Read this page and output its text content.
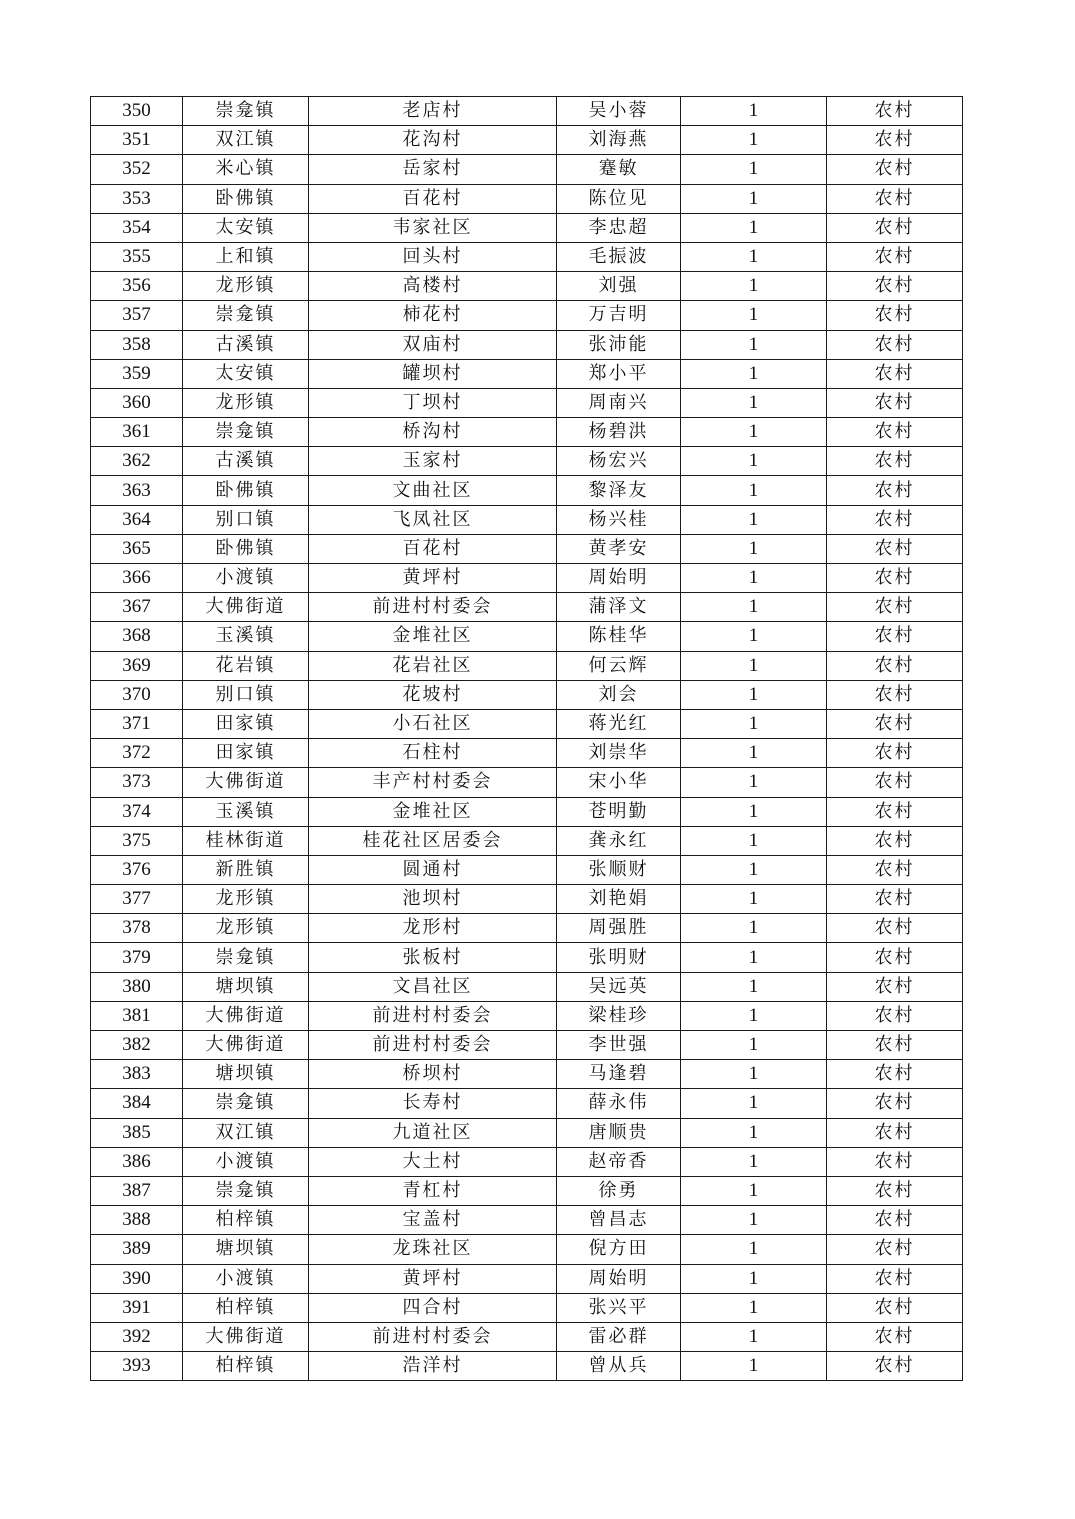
350	崇龛镇	老店村	吴小蓉	1	农村
351	双江镇	花沟村	刘海燕	1	农村
352	米心镇	岳家村	蹇敏	1	农村
353	卧佛镇	百花村	陈位见	1	农村
354	太安镇	韦家社区	李忠超	1	农村
355	上和镇	回头村	毛振波	1	农村
356	龙形镇	高楼村	刘强	1	农村
357	崇龛镇	柿花村	万吉明	1	农村
358	古溪镇	双庙村	张沛能	1	农村
359	太安镇	罐坝村	郑小平	1	农村
360	龙形镇	丁坝村	周南兴	1	农村
361	崇龛镇	桥沟村	杨碧洪	1	农村
362	古溪镇	玉家村	杨宏兴	1	农村
363	卧佛镇	文曲社区	黎泽友	1	农村
364	别口镇	飞凤社区	杨兴桂	1	农村
365	卧佛镇	百花村	黄孝安	1	农村
366	小渡镇	黄坪村	周始明	1	农村
367	大佛街道	前进村村委会	蒲泽文	1	农村
368	玉溪镇	金堆社区	陈桂华	1	农村
369	花岩镇	花岩社区	何云辉	1	农村
370	别口镇	花坡村	刘会	1	农村
371	田家镇	小石社区	蒋光红	1	农村
372	田家镇	石柱村	刘崇华	1	农村
373	大佛街道	丰产村村委会	宋小华	1	农村
374	玉溪镇	金堆社区	苍明勤	1	农村
375	桂林街道	桂花社区居委会	龚永红	1	农村
376	新胜镇	圆通村	张顺财	1	农村
377	龙形镇	池坝村	刘艳娟	1	农村
378	龙形镇	龙形村	周强胜	1	农村
379	崇龛镇	张板村	张明财	1	农村
380	塘坝镇	文昌社区	吴远英	1	农村
381	大佛街道	前进村村委会	梁桂珍	1	农村
382	大佛街道	前进村村委会	李世强	1	农村
383	塘坝镇	桥坝村	马逢碧	1	农村
384	崇龛镇	长寿村	薛永伟	1	农村
385	双江镇	九道社区	唐顺贵	1	农村
386	小渡镇	大土村	赵帝香	1	农村
387	崇龛镇	青杠村	徐勇	1	农村
388	柏梓镇	宝盖村	曾昌志	1	农村
389	塘坝镇	龙珠社区	倪方田	1	农村
390	小渡镇	黄坪村	周始明	1	农村
391	柏梓镇	四合村	张兴平	1	农村
392	大佛街道	前进村村委会	雷必群	1	农村
393	柏梓镇	浩洋村	曾从兵	1	农村
